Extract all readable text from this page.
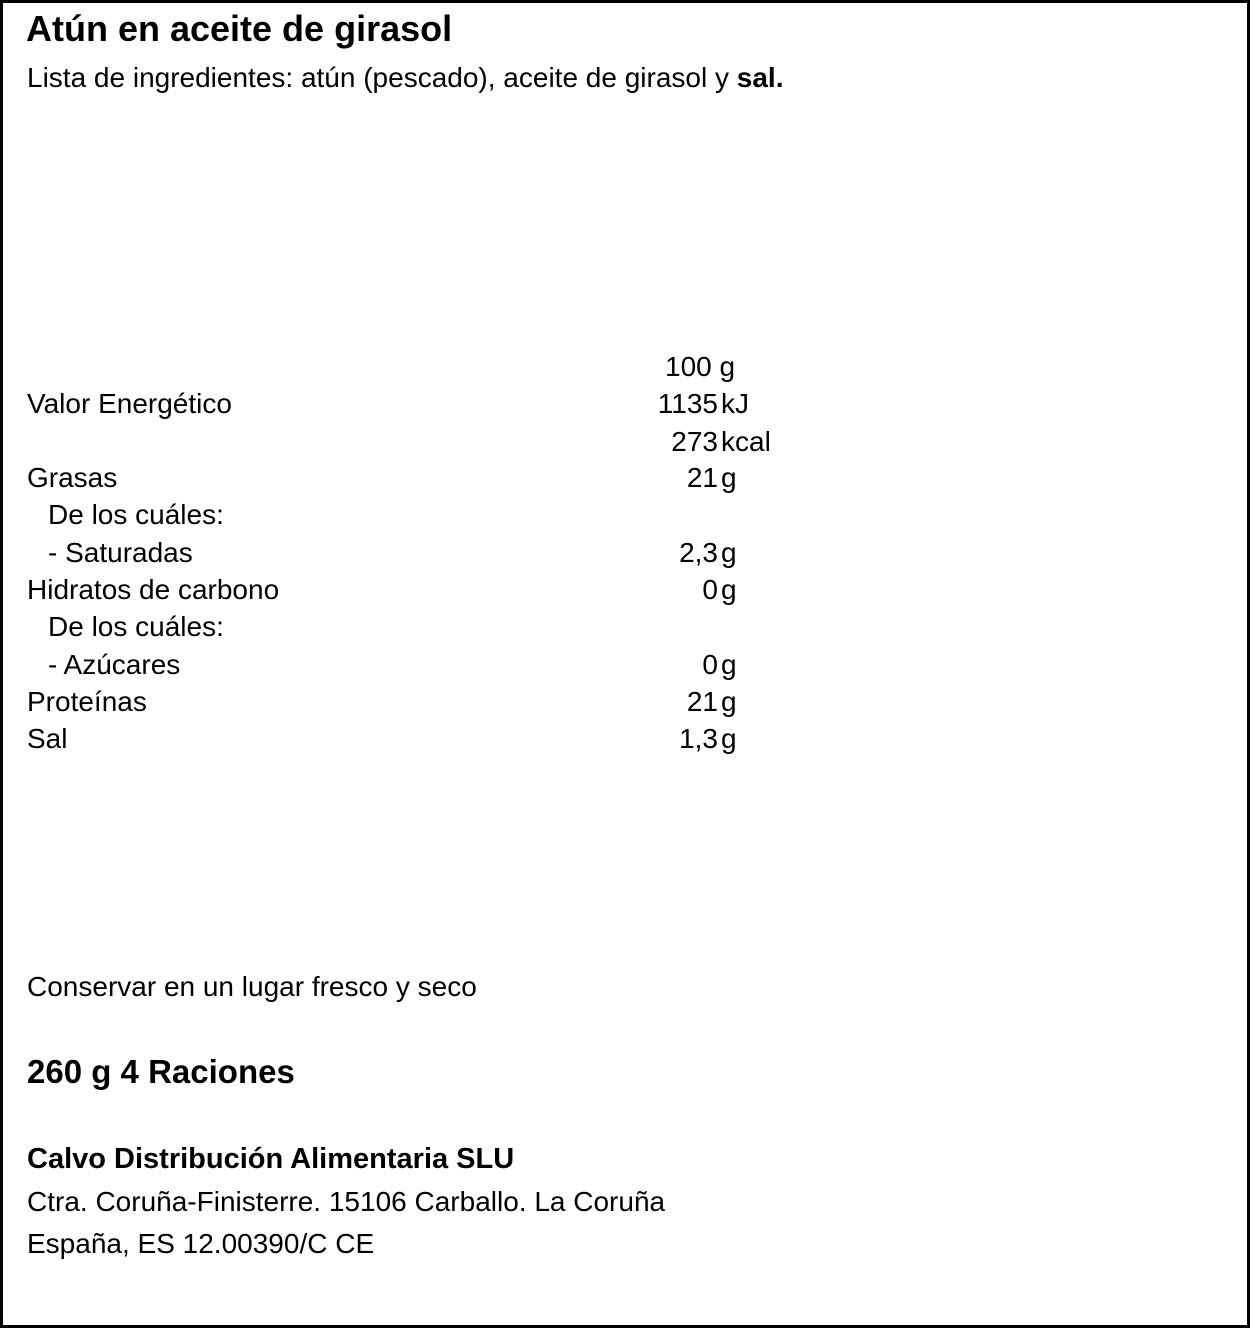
Atún en aceite de girasol
Lista de ingredientes: atún (pescado), aceite de girasol y sal.
100 g
Valor Energético	1135 kJ
273 kcal
Grasas	21 g
De los cuáles:
- Saturadas	2,3 g
Hidratos de carbono	0 g
De los cuáles:
- Azúcares	0 g
Proteínas	21 g
Sal	1,3 g
Conservar en un lugar fresco y seco
260 g 4 Raciones
Calvo Distribución Alimentaria SLU
Ctra. Coruña-Finisterre. 15106 Carballo. La Coruña
España, ES 12.00390/C CE
